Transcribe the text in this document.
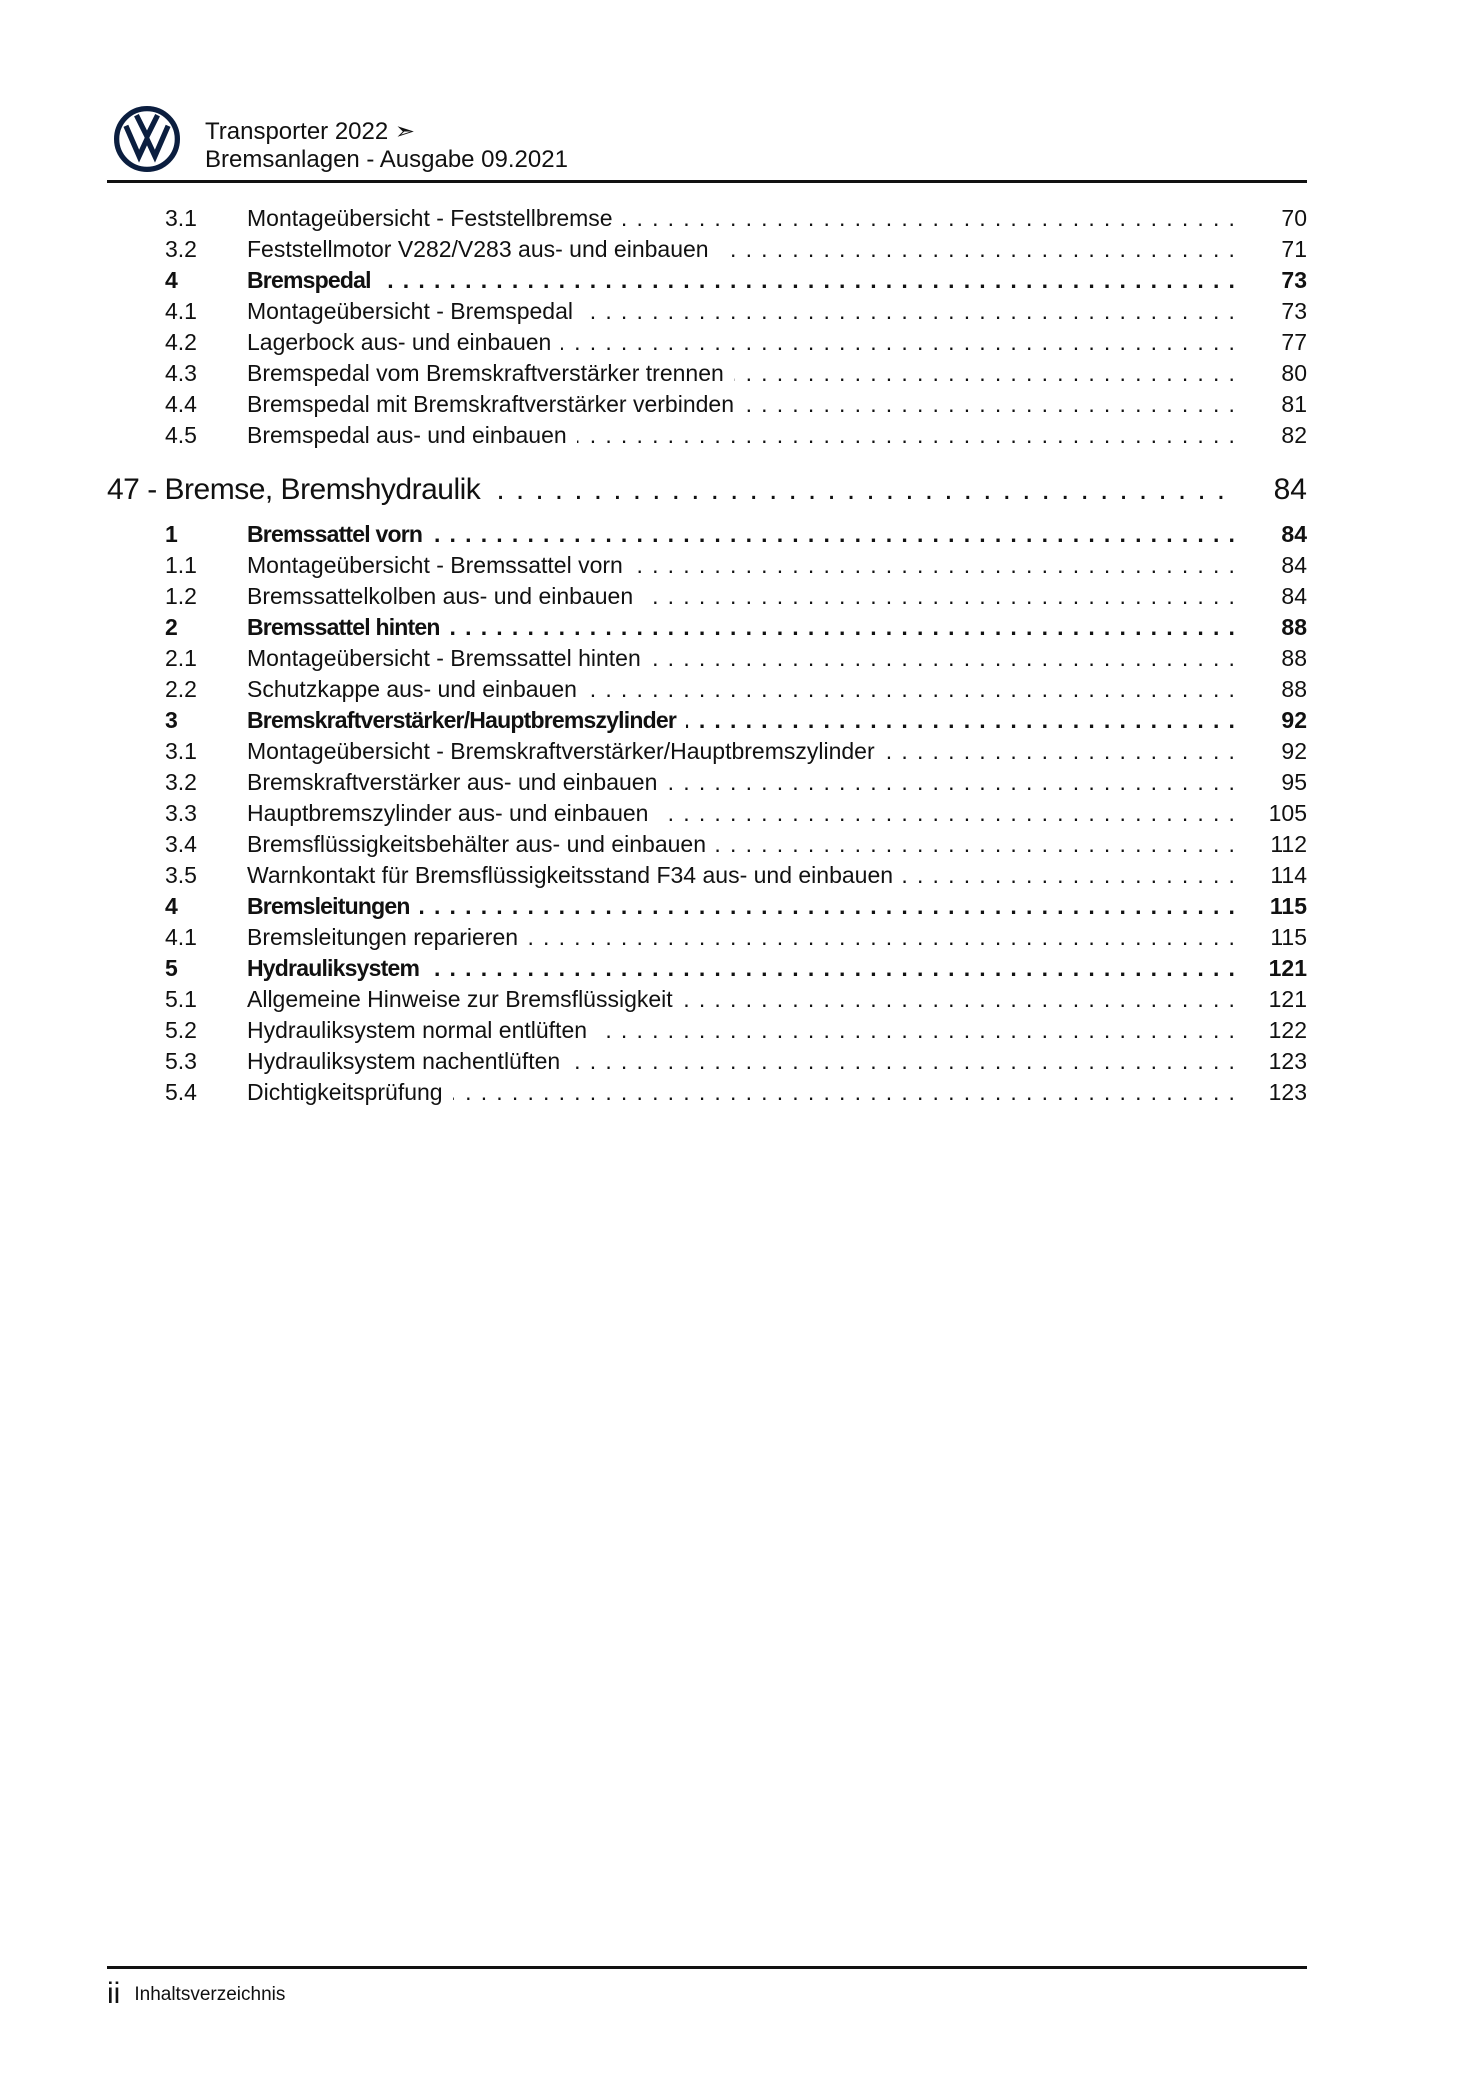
Transporter 2022 ➣
Bremsanlagen - Ausgabe 09.2021
3.1 Montageübersicht - Feststellbremse . . .	70
3.2 Feststellmotor V282/V283 aus- und einbauen . . .	71
4	Bremspedal . . .	73
4.1 Montageübersicht - Bremspedal . . .	73
4.2 Lagerbock aus- und einbauen . . .	77
4.3 Bremspedal vom Bremskraftverstärker trennen . . .	80
4.4 Bremspedal mit Bremskraftverstärker verbinden . . .	81
4.5 Bremspedal aus- und einbauen . . .	82
47 - Bremse, Bremshydraulik . . .	84
1	Bremssattel vorn . . .	84
1.1 Montageübersicht - Bremssattel vorn . . .	84
1.2 Bremssattelkolben aus- und einbauen . . .	84
2	Bremssattel hinten . . .	88
2.1 Montageübersicht - Bremssattel hinten . . .	88
2.2 Schutzkappe aus- und einbauen . . .	88
3	Bremskraftverstärker/Hauptbremszylinder . . .	92
3.1 Montageübersicht - Bremskraftverstärker/Hauptbremszylinder . . .	92
3.2 Bremskraftverstärker aus- und einbauen . . .	95
3.3 Hauptbremszylinder aus- und einbauen . . .	105
3.4 Bremsflüssigkeitsbehälter aus- und einbauen . . .	112
3.5 Warnkontakt für Bremsflüssigkeitsstand F34 aus- und einbauen . . .	114
4	Bremsleitungen . . .	115
4.1 Bremsleitungen reparieren . . .	115
5	Hydrauliksystem . . .	121
5.1 Allgemeine Hinweise zur Bremsflüssigkeit . . .	121
5.2 Hydrauliksystem normal entlüften . . .	122
5.3 Hydrauliksystem nachentlüften . . .	123
5.4 Dichtigkeitsprüfung . . .	123
ii Inhaltsverzeichnis
